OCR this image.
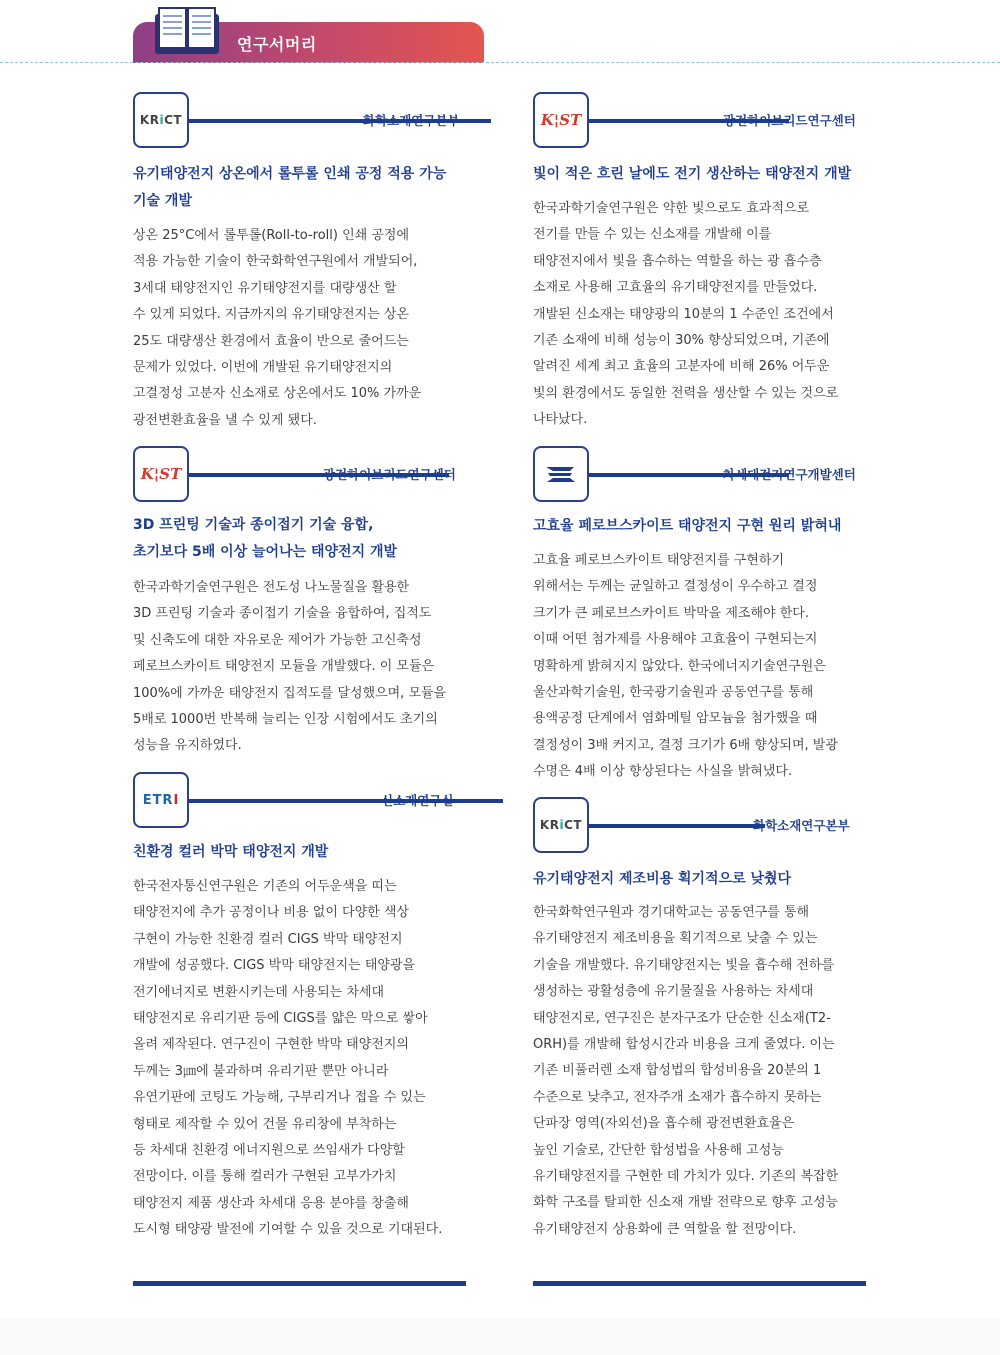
연구서머리
KRiCT	화학소재연구본부
유기태양전지 상온에서 롤투롤 인쇄 공정 적용 가능
기술 개발
상온 25°C에서 롤투롤(Roll-to-roll) 인쇄 공정에
적용 가능한 기술이 한국화학연구원에서 개발되어,
3세대 태양전지인 유기태양전지를 대량생산 할
수 있게 되었다. 지금까지의 유기태양전지는 상온
25도 대량생산 환경에서 효율이 반으로 줄어드는
문제가 있었다. 이번에 개발된 유기태양전지의
고결정성 고분자 신소재로 상온에서도 10% 가까운
광전변환효율을 낼 수 있게 됐다.
K¦ST	광전하이브리드연구센터
3D 프린팅 기술과 종이접기 기술 융합,
초기보다 5배 이상 늘어나는 태양전지 개발
한국과학기술연구원은 전도성 나노물질을 활용한
3D 프린팅 기술과 종이접기 기술을 융합하여, 집적도
및 신축도에 대한 자유로운 제어가 가능한 고신축성
페로브스카이트 태양전지 모듈을 개발했다. 이 모듈은
100%에 가까운 태양전지 집적도를 달성했으며, 모듈을
5배로 1000번 반복해 늘리는 인장 시험에서도 초기의
성능을 유지하였다.
ETRI	신소재연구실
친환경 컬러 박막 태양전지 개발
한국전자통신연구원은 기존의 어두운색을 띠는
태양전지에 추가 공정이나 비용 없이 다양한 색상
구현이 가능한 친환경 컬러 CIGS 박막 태양전지
개발에 성공했다. CIGS 박막 태양전지는 태양광을
전기에너지로 변환시키는데 사용되는 차세대
태양전지로 유리기판 등에 CIGS를 얇은 막으로 쌓아
올려 제작된다. 연구진이 구현한 박막 태양전지의
두께는 3㎛에 불과하며 유리기판 뿐만 아니라
유연기판에 코팅도 가능해, 구부리거나 접을 수 있는
형태로 제작할 수 있어 건물 유리창에 부착하는
등 차세대 친환경 에너지원으로 쓰임새가 다양할
전망이다. 이를 통해 컬러가 구현된 고부가가치
태양전지 제품 생산과 차세대 응용 분야를 창출해
도시형 태양광 발전에 기여할 수 있을 것으로 기대된다.
K¦ST	광전하이브리드연구센터
빛이 적은 흐린 날에도 전기 생산하는 태양전지 개발
한국과학기술연구원은 약한 빛으로도 효과적으로
전기를 만들 수 있는 신소재를 개발해 이를
태양전지에서 빛을 흡수하는 역할을 하는 광 흡수층
소재로 사용해 고효율의 유기태양전지를 만들었다.
개발된 신소재는 태양광의 10분의 1 수준인 조건에서
기존 소재에 비해 성능이 30% 향상되었으며, 기존에
알려진 세계 최고 효율의 고분자에 비해 26% 어두운
빛의 환경에서도 동일한 전력을 생산할 수 있는 것으로
나타났다.
차세대전지연구개발센터
고효율 페로브스카이트 태양전지 구현 원리 밝혀내
고효율 페로브스카이트 태양전지를 구현하기
위해서는 두께는 균일하고 결정성이 우수하고 결정
크기가 큰 페로브스카이트 박막을 제조해야 한다.
이때 어떤 첨가제를 사용해야 고효율이 구현되는지
명확하게 밝혀지지 않았다. 한국에너지기술연구원은
울산과학기술원, 한국광기술원과 공동연구를 통해
용액공정 단계에서 염화메틸 암모늄을 첨가했을 때
결정성이 3배 커지고, 결정 크기가 6배 향상되며, 발광
수명은 4배 이상 향상된다는 사실을 밝혀냈다.
KRiCT	화학소재연구본부
유기태양전지 제조비용 획기적으로 낮췄다
한국화학연구원과 경기대학교는 공동연구를 통해
유기태양전지 제조비용을 획기적으로 낮출 수 있는
기술을 개발했다. 유기태양전지는 빛을 흡수해 전하를
생성하는 광활성층에 유기물질을 사용하는 차세대
태양전지로, 연구진은 분자구조가 단순한 신소재(T2-
ORH)를 개발해 합성시간과 비용을 크게 줄였다. 이는
기존 비풀러렌 소재 합성법의 합성비용을 20분의 1
수준으로 낮추고, 전자주개 소재가 흡수하지 못하는
단파장 영역(자외선)을 흡수해 광전변환효율은
높인 기술로, 간단한 합성법을 사용해 고성능
유기태양전지를 구현한 데 가치가 있다. 기존의 복잡한
화학 구조를 탈피한 신소재 개발 전략으로 향후 고성능
유기태양전지 상용화에 큰 역할을 할 전망이다.
